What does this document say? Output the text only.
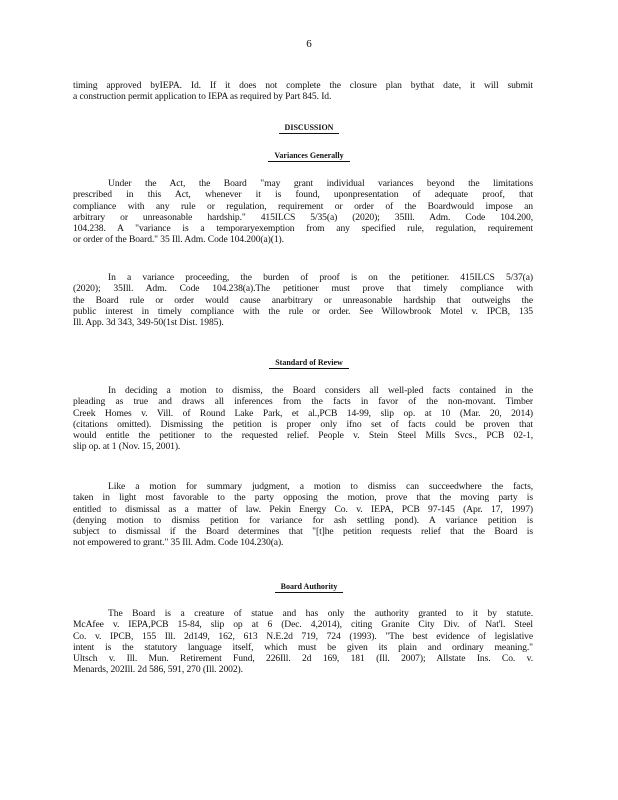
6
timing approved byIEPA. Id. If it does not complete the closure plan bythat date, it will submit
a construction permit application to IEPA as required by Part 845. Id.
DISCUSSION
Variances Generally
Under the Act, the Board "may grant individual variances beyond the limitations
prescribed in this Act, whenever it is found, uponpresentation of adequate proof, that
compliance with any rule or regulation, requirement or order of the Boardwould impose an
arbitrary or unreasonable hardship." 415ILCS 5/35(a) (2020); 35Ill. Adm. Code 104.200,
104.238. A "variance is a temporaryexemption from any specified rule, regulation, requirement
or order of the Board." 35 Ill. Adm. Code 104.200(a)(1).
In a variance proceeding, the burden of proof is on the petitioner. 415ILCS 5/37(a)
(2020); 35Ill. Adm. Code 104.238(a).The petitioner must prove that timely compliance with
the Board rule or order would cause anarbitrary or unreasonable hardship that outweighs the
public interest in timely compliance with the rule or order. See Willowbrook Motel v. IPCB, 135
Ill. App. 3d 343, 349-50(1st Dist. 1985).
Standard of Review
In deciding a motion to dismiss, the Board considers all well-pled facts contained in the
pleading as true and draws all inferences from the facts in favor of the non-movant. Timber
Creek Homes v. Vill. of Round Lake Park, et al.,PCB 14-99, slip op. at 10 (Mar. 20, 2014)
(citations omitted). Dismissing the petition is proper only ifno set of facts could be proven that
would entitle the petitioner to the requested relief. People v. Stein Steel Mills Svcs., PCB 02-1,
slip op. at 1 (Nov. 15, 2001).
Like a motion for summary judgment, a motion to dismiss can succeedwhere the facts,
taken in light most favorable to the party opposing the motion, prove that the moving party is
entitled to dismissal as a matter of law. Pekin Energy Co. v. IEPA, PCB 97-145 (Apr. 17, 1997)
(denying motion to dismiss petition for variance for ash settling pond). A variance petition is
subject to dismissal if the Board determines that "[t]he petition requests relief that the Board is
not empowered to grant." 35 Ill. Adm. Code 104.230(a).
Board Authority
The Board is a creature of statue and has only the authority granted to it by statute.
McAfee v. IEPA,PCB 15-84, slip op at 6 (Dec. 4,2014), citing Granite City Div. of Nat'l. Steel
Co. v. IPCB, 155 Ill. 2d149, 162, 613 N.E.2d 719, 724 (1993). "The best evidence of legislative
intent is the statutory language itself, which must be given its plain and ordinary meaning."
Ultsch v. Ill. Mun. Retirement Fund, 226Ill. 2d 169, 181 (Ill. 2007); Allstate Ins. Co. v.
Menards, 202Ill. 2d 586, 591, 270 (Ill. 2002).
